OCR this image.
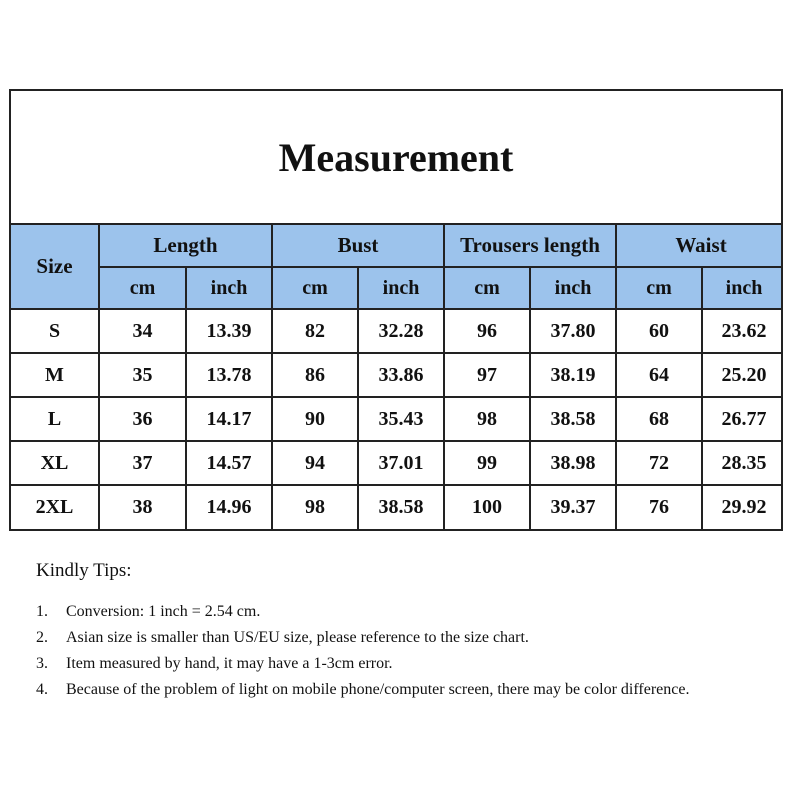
Measurement
Size	Length		Bust		Trousers length		Waist	
	cm	inch	cm	inch	cm	inch	cm	inch
S	34	13.39	82	32.28	96	37.80	60	23.62
M	35	13.78	86	33.86	97	38.19	64	25.20
L	36	14.17	90	35.43	98	38.58	68	26.77
XL	37	14.57	94	37.01	99	38.98	72	28.35
2XL	38	14.96	98	38.58	100	39.37	76	29.92
Kindly Tips:
1.	Conversion: 1 inch = 2.54 cm.
2.	Asian size is smaller than US/EU size, please reference to the size chart.
3.	Item measured by hand, it may have a 1-3cm error.
4.	Because of the problem of light on mobile phone/computer screen, there may be color difference.
